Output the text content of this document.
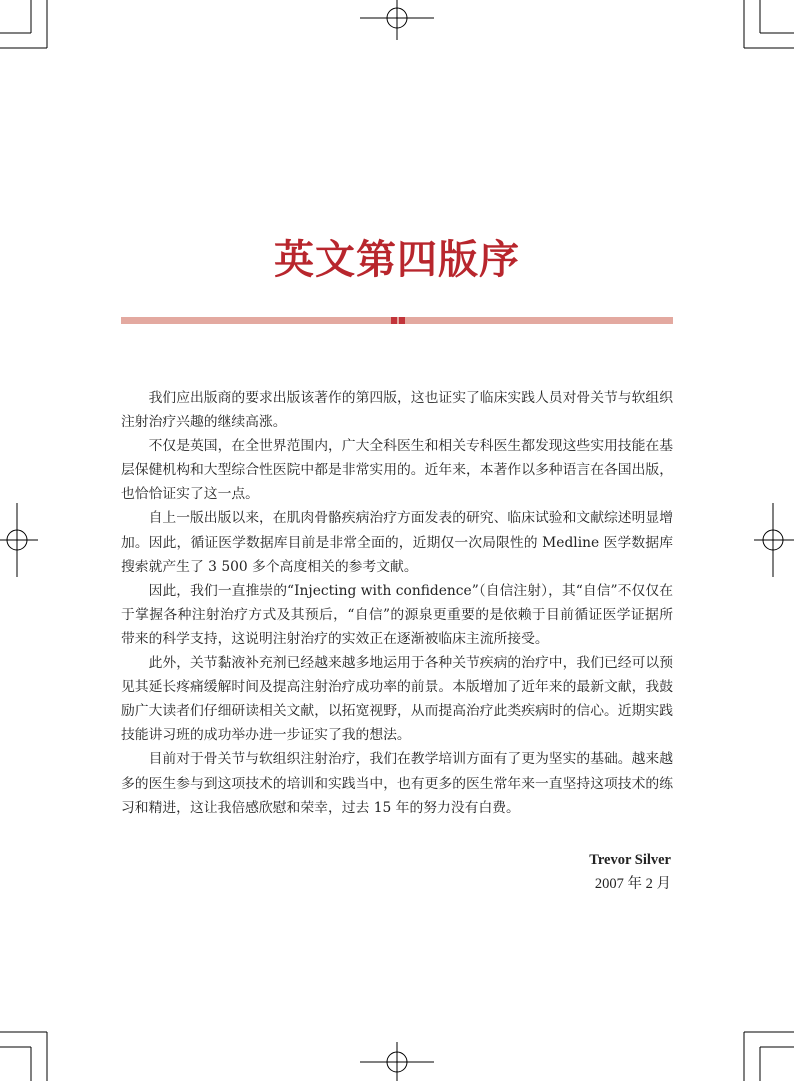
英文第四版序

我们应出版商的要求出版该著作的第四版，这也证实了临床实践人员对骨关节与软组织注射治疗兴趣的继续高涨。

不仅是英国，在全世界范围内，广大全科医生和相关专科医生都发现这些实用技能在基层保健机构和大型综合性医院中都是非常实用的。近年来，本著作以多种语言在各国出版，也恰恰证实了这一点。

自上一版出版以来，在肌肉骨骼疾病治疗方面发表的研究、临床试验和文献综述明显增加。因此，循证医学数据库目前是非常全面的，近期仅一次局限性的 Medline 医学数据库搜索就产生了 3 500 多个高度相关的参考文献。

因此，我们一直推崇的“Injecting with confidence”（自信注射），其“自信”不仅仅在于掌握各种注射治疗方式及其预后，“自信”的源泉更重要的是依赖于目前循证医学证据所带来的科学支持，这说明注射治疗的实效正在逐渐被临床主流所接受。

此外，关节黏液补充剂已经越来越多地运用于各种关节疾病的治疗中，我们已经可以预见其延长疼痛缓解时间及提高注射治疗成功率的前景。本版增加了近年来的最新文献，我鼓励广大读者们仔细研读相关文献，以拓宽视野，从而提高治疗此类疾病时的信心。近期实践技能讲习班的成功举办进一步证实了我的想法。

目前对于骨关节与软组织注射治疗，我们在教学培训方面有了更为坚实的基础。越来越多的医生参与到这项技术的培训和实践当中，也有更多的医生常年来一直坚持这项技术的练习和精进，这让我倍感欣慰和荣幸，过去 15 年的努力没有白费。

Trevor Silver
2007 年 2 月
